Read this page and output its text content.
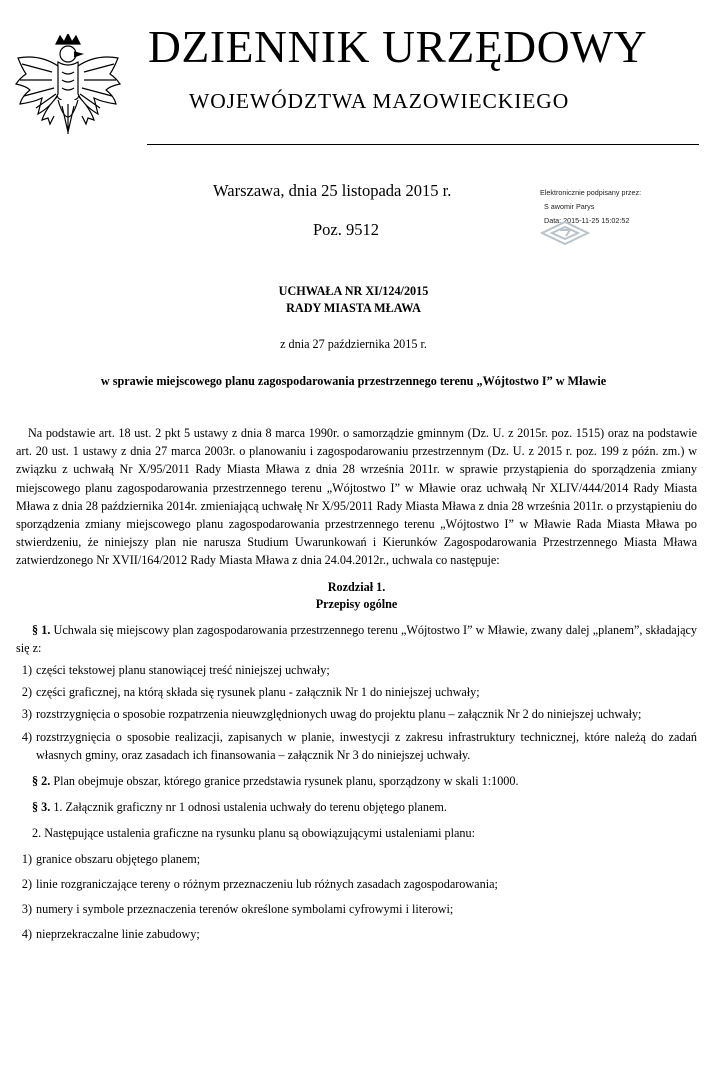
DZIENNIK URZĘDOWY
WOJEWÓDZTWA MAZOWIECKIEGO
Warszawa, dnia 25 listopada 2015 r.
Poz. 9512
Elektronicznie podpisany przez:
S awomir Parys
Data: 2015-11-25 15:02:52
UCHWAŁA NR XI/124/2015
RADY MIASTA MŁAWA
z dnia 27 października 2015 r.
w sprawie miejscowego planu zagospodarowania przestrzennego terenu „Wójtostwo I” w Mławie

Na podstawie art. 18 ust. 2 pkt 5 ustawy z dnia 8 marca 1990r. o samorządzie gminnym (Dz. U. z 2015r. poz. 1515) oraz na podstawie art. 20 ust. 1 ustawy z dnia 27 marca 2003r. o planowaniu i zagospodarowaniu przestrzennym (Dz. U. z 2015 r. poz. 199 z późn. zm.) w związku z uchwałą Nr X/95/2011 Rady Miasta Mława z dnia 28 września 2011r. w sprawie przystąpienia do sporządzenia zmiany miejscowego planu zagospodarowania przestrzennego terenu „Wójtostwo I” w Mławie oraz uchwałą Nr XLIV/444/2014 Rady Miasta Mława z dnia 28 października 2014r. zmieniającą uchwałę Nr X/95/2011 Rady Miasta Mława z dnia 28 września 2011r. o przystąpieniu do sporządzenia zmiany miejscowego planu zagospodarowania przestrzennego terenu „Wójtostwo I” w Mławie Rada Miasta Mława po stwierdzeniu, że niniejszy plan nie narusza Studium Uwarunkowań i Kierunków Zagospodarowania Przestrzennego Miasta Mława zatwierdzonego Nr XVII/164/2012 Rady Miasta Mława z dnia 24.04.2012r., uchwala co następuje:

Rozdział 1.
Przepisy ogólne

§ 1. Uchwala się miejscowy plan zagospodarowania przestrzennego terenu „Wójtostwo I” w Mławie, zwany dalej „planem”, składający się z:

1) części tekstowej planu stanowiącej treść niniejszej uchwały;
2) części graficznej, na którą składa się rysunek planu - załącznik Nr 1 do niniejszej uchwały;
3) rozstrzygnięcia o sposobie rozpatrzenia nieuwzględnionych uwag do projektu planu – załącznik Nr 2 do niniejszej uchwały;
4) rozstrzygnięcia o sposobie realizacji, zapisanych w planie, inwestycji z zakresu infrastruktury technicznej, które należą do zadań własnych gminy, oraz zasadach ich finansowania – załącznik Nr 3 do niniejszej uchwały.

§ 2. Plan obejmuje obszar, którego granice przedstawia rysunek planu, sporządzony w skali 1:1000.

§ 3. 1. Załącznik graficzny nr 1 odnosi ustalenia uchwały do terenu objętego planem.

2. Następujące ustalenia graficzne na rysunku planu są obowiązującymi ustaleniami planu:

1) granice obszaru objętego planem;
2) linie rozgraniczające tereny o różnym przeznaczeniu lub różnych zasadach zagospodarowania;
3) numery i symbole przeznaczenia terenów określone symbolami cyfrowymi i literowi;
4) nieprzekraczalne linie zabudowy;
